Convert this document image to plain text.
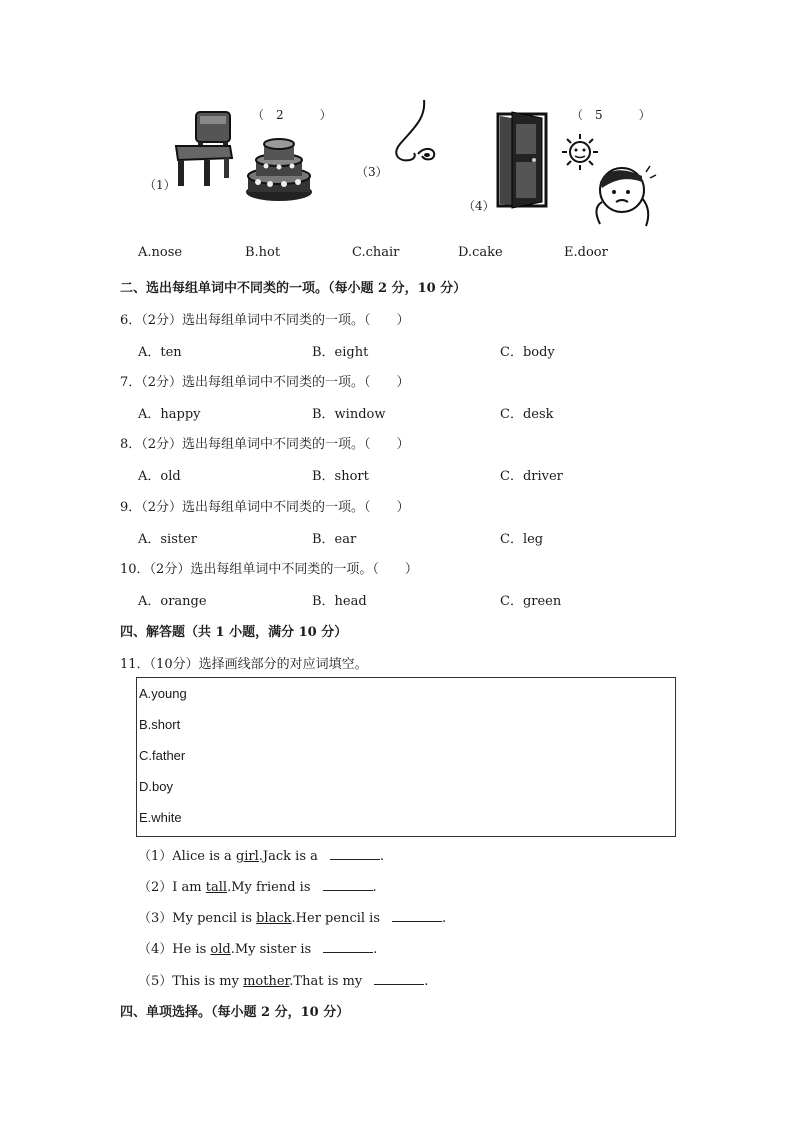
（1）
（　2　　　）
（3）
（4）
（　5　　　）
A.nose	B.hot	C.chair	D.cake	E.door
二、选出每组单词中不同类的一项。（每小题 2 分，10 分）
6．（2分）选出每组单词中不同类的一项。（　　）
A．ten	B．eight	C．body
7．（2分）选出每组单词中不同类的一项。（　　）
A．happy	B．window	C．desk
8．（2分）选出每组单词中不同类的一项。（　　）
A．old	B．short	C．driver
9．（2分）选出每组单词中不同类的一项。（　　）
A．sister	B．ear	C．leg
10．（2分）选出每组单词中不同类的一项。（　　）
A．orange	B．head	C．green
四、解答题（共 1 小题，满分 10 分）
11．（10分）选择画线部分的对应词填空。
A.young
B.short
C.father
D.boy
E.white
（1）Alice is a girl.Jack is a	.
（2）I am tall.My friend is	.
（3）My pencil is black.Her pencil is	.
（4）He is old.My sister is	.
（5）This is my mother.That is my	.
四、单项选择。（每小题 2 分，10 分）
